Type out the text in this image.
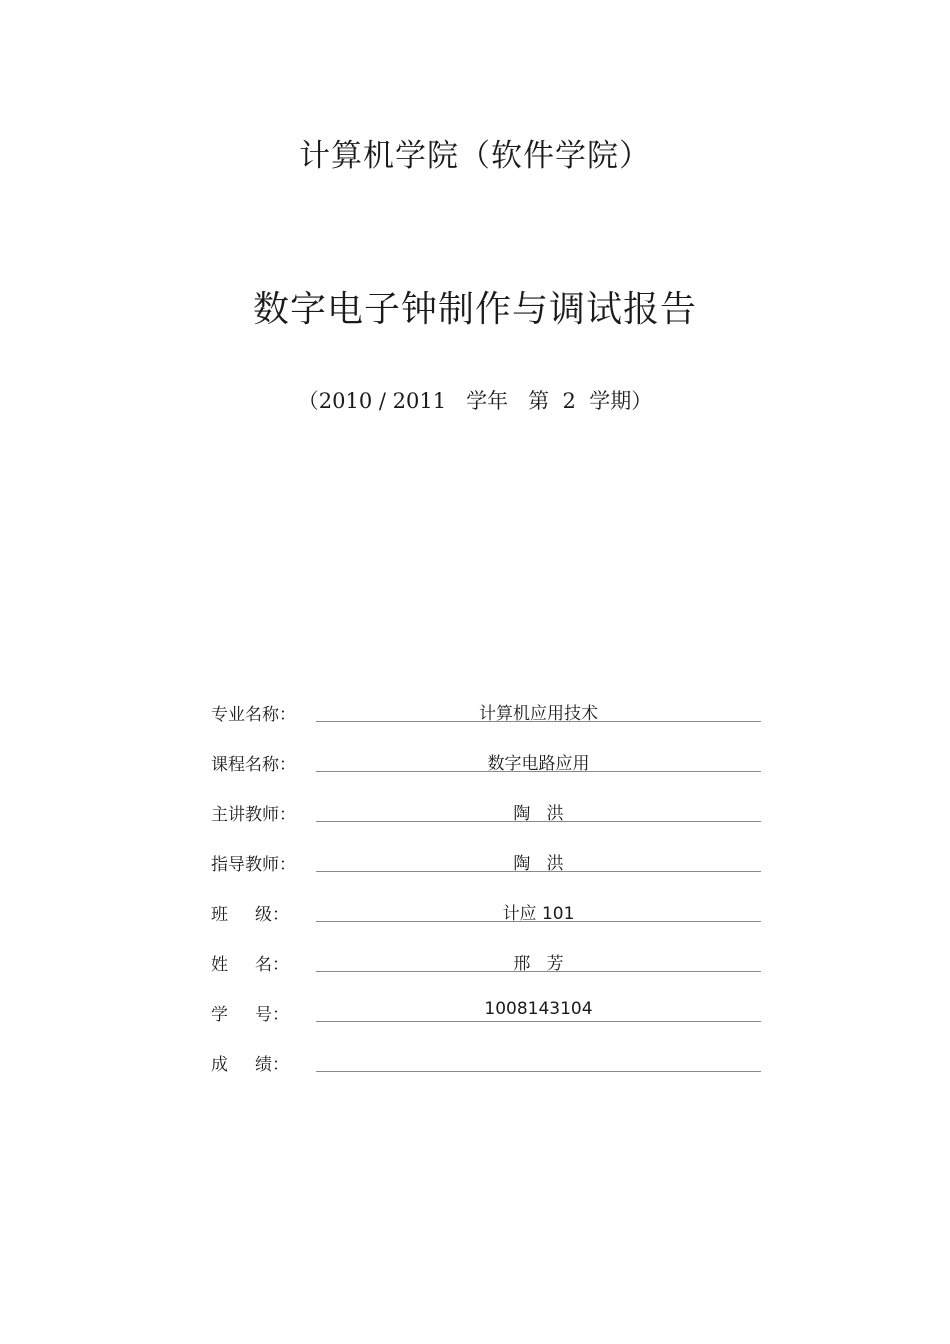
计算机学院（软件学院）
数字电子钟制作与调试报告
（2010 / 2011   学年   第  2  学期）
专业名称：	计算机应用技术
课程名称：	数字电路应用
主讲教师：	陶   洪
指导教师：	陶   洪
班     级：	计应 101
姓     名：	邢   芳
学     号：	1008143104
成     绩：
